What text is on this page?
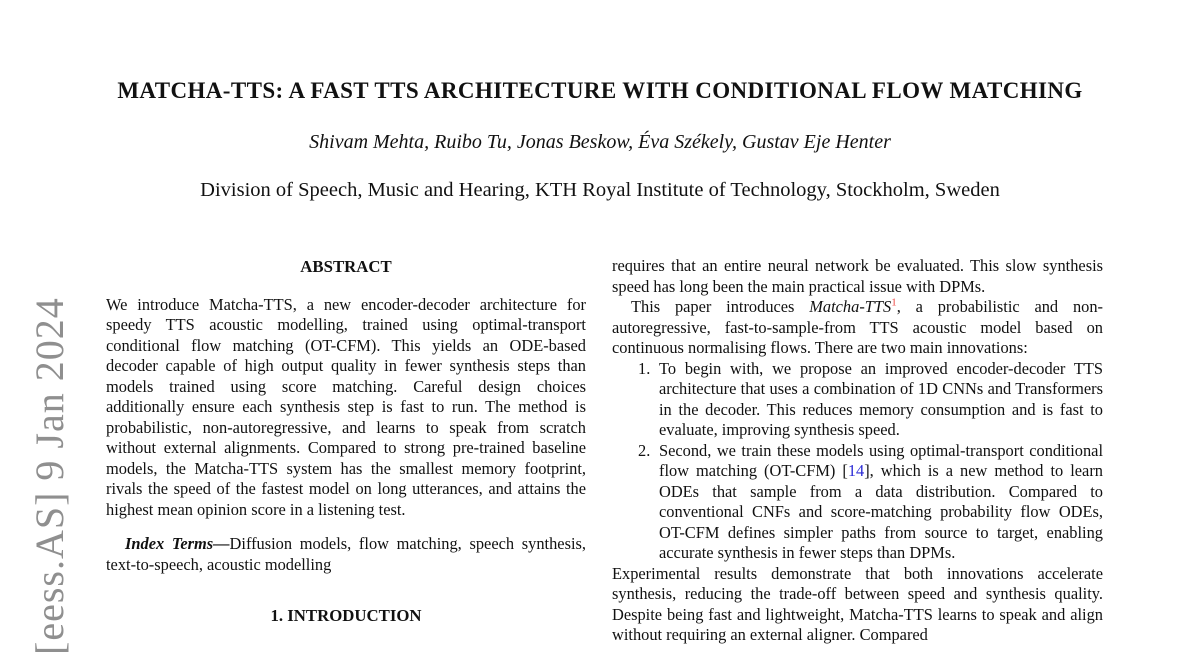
[eess.AS] 9 Jan 2024
MATCHA-TTS: A FAST TTS ARCHITECTURE WITH CONDITIONAL FLOW MATCHING
Shivam Mehta, Ruibo Tu, Jonas Beskow, Éva Székely, Gustav Eje Henter
Division of Speech, Music and Hearing, KTH Royal Institute of Technology, Stockholm, Sweden
ABSTRACT
We introduce Matcha-TTS, a new encoder-decoder architecture for speedy TTS acoustic modelling, trained using optimal-transport conditional flow matching (OT-CFM). This yields an ODE-based decoder capable of high output quality in fewer synthesis steps than models trained using score matching. Careful design choices additionally ensure each synthesis step is fast to run. The method is probabilistic, non-autoregressive, and learns to speak from scratch without external alignments. Compared to strong pre-trained baseline models, the Matcha-TTS system has the smallest memory footprint, rivals the speed of the fastest model on long utterances, and attains the highest mean opinion score in a listening test.
Index Terms—Diffusion models, flow matching, speech synthesis, text-to-speech, acoustic modelling
1. INTRODUCTION
requires that an entire neural network be evaluated. This slow synthesis speed has long been the main practical issue with DPMs.
This paper introduces Matcha-TTS$^1$, a probabilistic and non-autoregressive, fast-to-sample-from TTS acoustic model based on continuous normalising flows. There are two main innovations:
1. To begin with, we propose an improved encoder-decoder TTS architecture that uses a combination of 1D CNNs and Transformers in the decoder. This reduces memory consumption and is fast to evaluate, improving synthesis speed.
2. Second, we train these models using optimal-transport conditional flow matching (OT-CFM) [14], which is a new method to learn ODEs that sample from a data distribution. Compared to conventional CNFs and score-matching probability flow ODEs, OT-CFM defines simpler paths from source to target, enabling accurate synthesis in fewer steps than DPMs.
Experimental results demonstrate that both innovations accelerate synthesis, reducing the trade-off between speed and synthesis quality. Despite being fast and lightweight, Matcha-TTS learns to speak and align without requiring an external aligner. Compared
